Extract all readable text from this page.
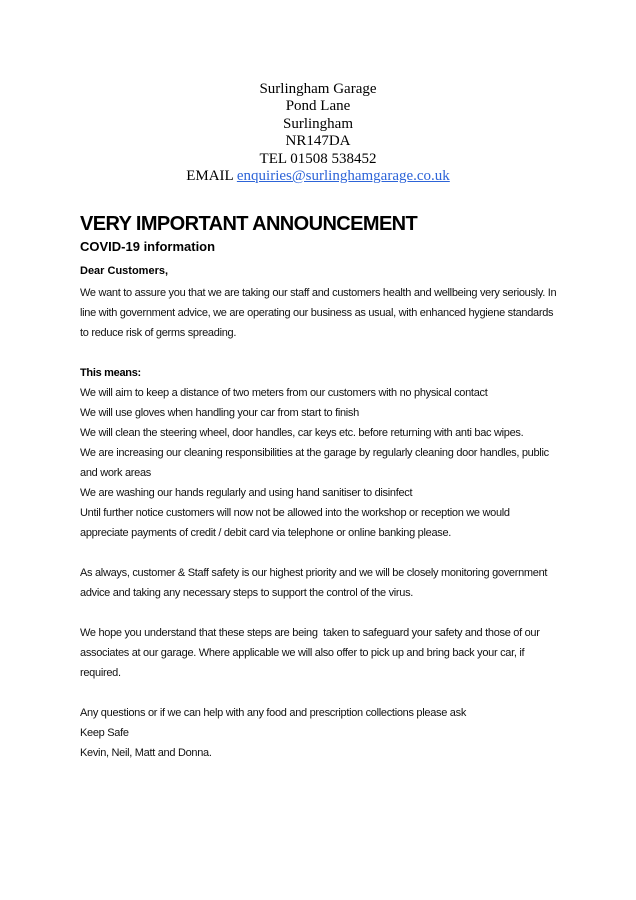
Surlingham Garage
Pond Lane
Surlingham
NR147DA
TEL 01508 538452
EMAIL enquiries@surlinghamgarage.co.uk
VERY IMPORTANT ANNOUNCEMENT
COVID-19 information

Dear Customers,

We want to assure you that we are taking our staff and customers health and wellbeing very seriously. In line with government advice, we are operating our business as usual, with enhanced hygiene standards to reduce risk of germs spreading.

This means:

We will aim to keep a distance of two meters from our customers with no physical contact

We will use gloves when handling your car from start to finish

We will clean the steering wheel, door handles, car keys etc. before returning with anti bac wipes.

We are increasing our cleaning responsibilities at the garage by regularly cleaning door handles, public and work areas

We are washing our hands regularly and using hand sanitiser to disinfect

Until further notice customers will now not be allowed into the workshop or reception we would appreciate payments of credit / debit card via telephone or online banking please.

As always, customer & Staff safety is our highest priority and we will be closely monitoring government advice and taking any necessary steps to support the control of the virus.

We hope you understand that these steps are being  taken to safeguard your safety and those of our  associates at our garage. Where applicable we will also offer to pick up and bring back your car, if required.

Any questions or if we can help with any food and prescription collections please ask

Keep Safe

Kevin, Neil, Matt and Donna.
